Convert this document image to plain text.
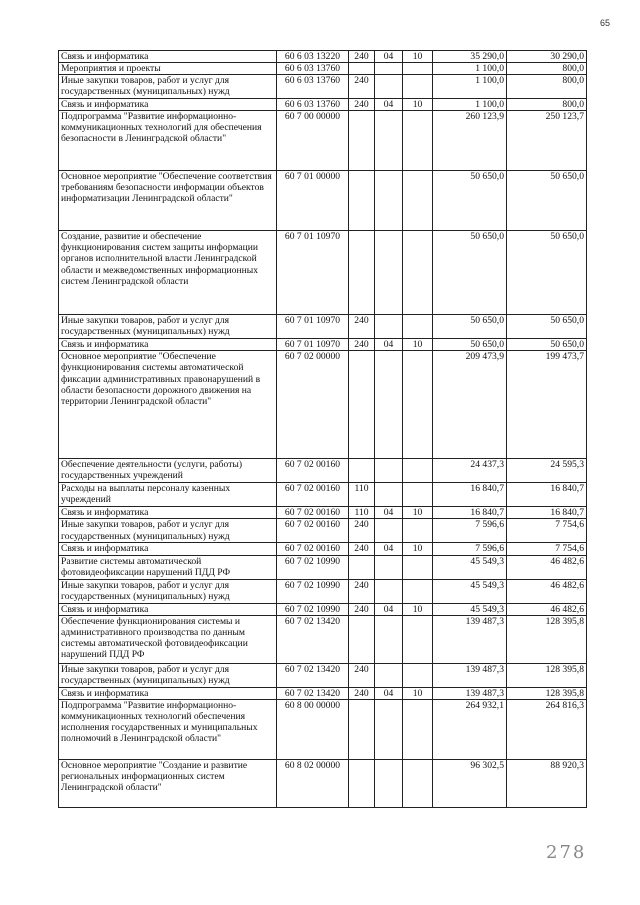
65
Связь и информатика	60 6 03 13220	240	04	10	35 290,0	30 290,0
Мероприятия и проекты	60 6 03 13760				1 100,0	800,0
Иные закупки товаров, работ и услуг для государственных (муниципальных) нужд	60 6 03 13760	240			1 100,0	800,0
Связь и информатика	60 6 03 13760	240	04	10	1 100,0	800,0
Подпрограмма "Развитие информационно-коммуникационных технологий для обеспечения безопасности в Ленинградской области"	60 7 00 00000				260 123,9	250 123,7
Основное мероприятие "Обеспечение соответствия требованиям безопасности информации объектов информатизации Ленинградской области"	60 7 01 00000				50 650,0	50 650,0
Создание, развитие и обеспечение функционирования систем защиты информации органов исполнительной власти Ленинградской области и межведомственных информационных систем Ленинградской области	60 7 01 10970				50 650,0	50 650,0
Иные закупки товаров, работ и услуг для государственных (муниципальных) нужд	60 7 01 10970	240			50 650,0	50 650,0
Связь и информатика	60 7 01 10970	240	04	10	50 650,0	50 650,0
Основное мероприятие "Обеспечение функционирования системы автоматической фиксации административных правонарушений в области безопасности дорожного движения на территории Ленинградской области"	60 7 02 00000				209 473,9	199 473,7
Обеспечение деятельности (услуги, работы) государственных учреждений	60 7 02 00160				24 437,3	24 595,3
Расходы на выплаты персоналу казенных учреждений	60 7 02 00160	110			16 840,7	16 840,7
Связь и информатика	60 7 02 00160	110	04	10	16 840,7	16 840,7
Иные закупки товаров, работ и услуг для государственных (муниципальных) нужд	60 7 02 00160	240			7 596,6	7 754,6
Связь и информатика	60 7 02 00160	240	04	10	7 596,6	7 754,6
Развитие системы автоматической фотовидеофиксации нарушений ПДД РФ	60 7 02 10990				45 549,3	46 482,6
Иные закупки товаров, работ и услуг для государственных (муниципальных) нужд	60 7 02 10990	240			45 549,3	46 482,6
Связь и информатика	60 7 02 10990	240	04	10	45 549,3	46 482,6
Обеспечение функционирования системы и административного производства по данным системы автоматической фотовидеофиксации нарушений ПДД РФ	60 7 02 13420				139 487,3	128 395,8
Иные закупки товаров, работ и услуг для государственных (муниципальных) нужд	60 7 02 13420	240			139 487,3	128 395,8
Связь и информатика	60 7 02 13420	240	04	10	139 487,3	128 395,8
Подпрограмма "Развитие информационно-коммуникационных технологий обеспечения исполнения государственных и муниципальных полномочий в Ленинградской области"	60 8 00 00000				264 932,1	264 816,3
Основное мероприятие "Создание и развитие региональных информационных систем Ленинградской области"	60 8 02 00000				96 302,5	88 920,3
278
